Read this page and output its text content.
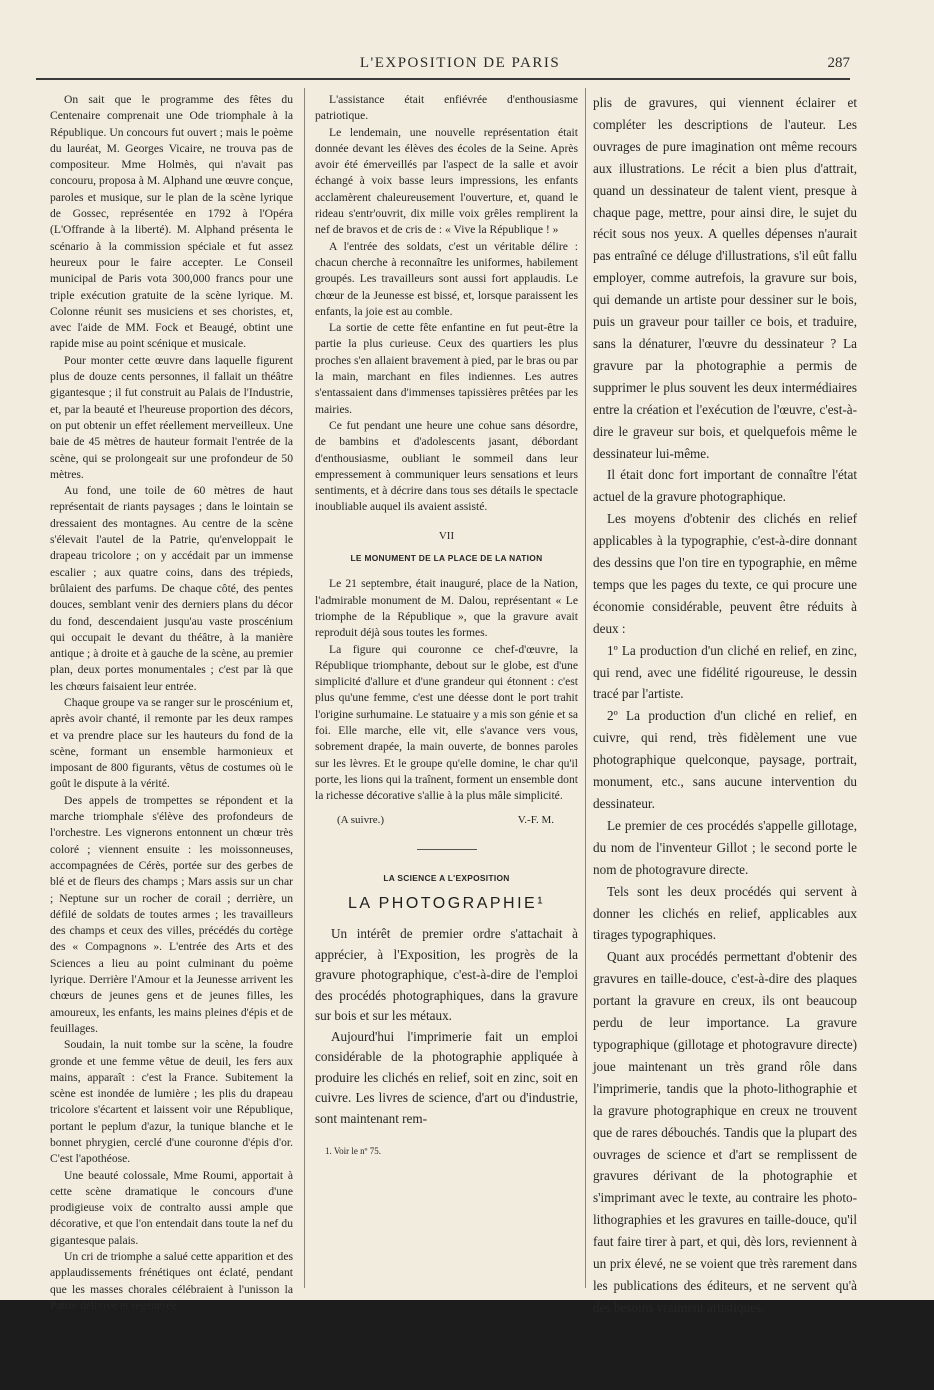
L'EXPOSITION DE PARIS	287

On sait que le programme des fêtes du Centenaire comprenait une Ode triomphale à la République. Un concours fut ouvert ; mais le poème du lauréat, M. Georges Vicaire, ne trouva pas de compositeur. Mme Holmès, qui n'avait pas concouru, proposa à M. Alphand une œuvre conçue, paroles et musique, sur le plan de la scène lyrique de Gossec, représentée en 1792 à l'Opéra (L'Offrande à la liberté). M. Alphand présenta le scénario à la commission spéciale et fut assez heureux pour le faire accepter. Le Conseil municipal de Paris vota 300,000 francs pour une triple exécution gratuite de la scène lyrique. M. Colonne réunit ses musiciens et ses choristes, et, avec l'aide de MM. Fock et Beaugé, obtint une rapide mise au point scénique et musicale.

Pour monter cette œuvre dans laquelle figurent plus de douze cents personnes, il fallait un théâtre gigantesque ; il fut construit au Palais de l'Industrie, et, par la beauté et l'heureuse proportion des décors, on put obtenir un effet réellement merveilleux. Une baie de 45 mètres de hauteur formait l'entrée de la scène, qui se prolongeait sur une profondeur de 50 mètres.

Au fond, une toile de 60 mètres de haut représentait de riants paysages ; dans le lointain se dressaient des montagnes. Au centre de la scène s'élevait l'autel de la Patrie, qu'enveloppait le drapeau tricolore ; on y accédait par un immense escalier ; aux quatre coins, dans des trépieds, brûlaient des parfums. De chaque côté, des pentes douces, semblant venir des derniers plans du décor du fond, descendaient jusqu'au vaste proscénium qui occupait le devant du théâtre, à la manière antique ; à droite et à gauche de la scène, au premier plan, deux portes monumentales ; c'est par là que les chœurs faisaient leur entrée.

Chaque groupe va se ranger sur le proscénium et, après avoir chanté, il remonte par les deux rampes et va prendre place sur les hauteurs du fond de la scène, formant un ensemble harmonieux et imposant de 800 figurants, vêtus de costumes où le goût le dispute à la vérité.

Des appels de trompettes se répondent et la marche triomphale s'élève des profondeurs de l'orchestre. Les vignerons entonnent un chœur très coloré ; viennent ensuite : les moissonneuses, accompagnées de Cérès, portée sur des gerbes de blé et de fleurs des champs ; Mars assis sur un char ; Neptune sur un rocher de corail ; derrière, un défilé de soldats de toutes armes ; les travailleurs des champs et ceux des villes, précédés du cortège des « Compagnons ». L'entrée des Arts et des Sciences a lieu au point culminant du poème lyrique. Derrière l'Amour et la Jeunesse arrivent les chœurs de jeunes gens et de jeunes filles, les amoureux, les enfants, les mains pleines d'épis et de feuillages.

Soudain, la nuit tombe sur la scène, la foudre gronde et une femme vêtue de deuil, les fers aux mains, apparaît : c'est la France. Subitement la scène est inondée de lumière ; les plis du drapeau tricolore s'écartent et laissent voir une République, portant le peplum d'azur, la tunique blanche et le bonnet phrygien, cerclé d'une couronne d'épis d'or. C'est l'apothéose.

Une beauté colossale, Mme Roumi, apportait à cette scène dramatique le concours d'une prodigieuse voix de contralto aussi ample que décorative, et que l'on entendait dans toute la nef du gigantesque palais.

Un cri de triomphe a salué cette apparition et des applaudissements frénétiques ont éclaté, pendant que les masses chorales célébraient à l'unisson la Patrie délivrée et régénérée.

L'assistance était enfiévrée d'enthousiasme patriotique.

Le lendemain, une nouvelle représentation était donnée devant les élèves des écoles de la Seine. Après avoir été émerveillés par l'aspect de la salle et avoir échangé à voix basse leurs impressions, les enfants acclamèrent chaleureusement l'ouverture, et, quand le rideau s'entr'ouvrit, dix mille voix grêles remplirent la nef de bravos et de cris de : « Vive la République ! »

A l'entrée des soldats, c'est un véritable délire : chacun cherche à reconnaître les uniformes, habilement groupés. Les travailleurs sont aussi fort applaudis. Le chœur de la Jeunesse est bissé, et, lorsque paraissent les enfants, la joie est au comble.

La sortie de cette fête enfantine en fut peut-être la partie la plus curieuse. Ceux des quartiers les plus proches s'en allaient bravement à pied, par le bras ou par la main, marchant en files indiennes. Les autres s'entassaient dans d'immenses tapissières prêtées par les mairies.

Ce fut pendant une heure une cohue sans désordre, de bambins et d'adolescents jasant, débordant d'enthousiasme, oubliant le sommeil dans leur empressement à communiquer leurs sensations et leurs sentiments, et à décrire dans tous ses détails le spectacle inoubliable auquel ils avaient assisté.

VII
LE MONUMENT DE LA PLACE DE LA NATION

Le 21 septembre, était inauguré, place de la Nation, l'admirable monument de M. Dalou, représentant « Le triomphe de la République », que la gravure avait reproduit déjà sous toutes les formes.

La figure qui couronne ce chef-d'œuvre, la République triomphante, debout sur le globe, est d'une simplicité d'allure et d'une grandeur qui étonnent : c'est plus qu'une femme, c'est une déesse dont le port trahit l'origine surhumaine. Le statuaire y a mis son génie et sa foi. Elle marche, elle vit, elle s'avance vers vous, sobrement drapée, la main ouverte, de bonnes paroles sur les lèvres. Et le groupe qu'elle domine, le char qu'il porte, les lions qui la traînent, forment un ensemble dont la richesse décorative s'allie à la plus mâle simplicité.

(A suivre.)	V.-F. M.
LA SCIENCE A L'EXPOSITION
LA PHOTOGRAPHIE¹

Un intérêt de premier ordre s'attachait à apprécier, à l'Exposition, les progrès de la gravure photographique, c'est-à-dire de l'emploi des procédés photographiques, dans la gravure sur bois et sur les métaux.

Aujourd'hui l'imprimerie fait un emploi considérable de la photographie appliquée à produire les clichés en relief, soit en zinc, soit en cuivre. Les livres de science, d'art ou d'industrie, sont maintenant rem-

1. Voir le nº 75.

plis de gravures, qui viennent éclairer et compléter les descriptions de l'auteur. Les ouvrages de pure imagination ont même recours aux illustrations. Le récit a bien plus d'attrait, quand un dessinateur de talent vient, presque à chaque page, mettre, pour ainsi dire, le sujet du récit sous nos yeux. A quelles dépenses n'aurait pas entraîné ce déluge d'illustrations, s'il eût fallu employer, comme autrefois, la gravure sur bois, qui demande un artiste pour dessiner sur le bois, puis un graveur pour tailler ce bois, et traduire, sans la dénaturer, l'œuvre du dessinateur ? La gravure par la photographie a permis de supprimer le plus souvent les deux intermédiaires entre la création et l'exécution de l'œuvre, c'est-à-dire le graveur sur bois, et quelquefois même le dessinateur lui-même.

Il était donc fort important de connaître l'état actuel de la gravure photographique.

Les moyens d'obtenir des clichés en relief applicables à la typographie, c'est-à-dire donnant des dessins que l'on tire en typographie, en même temps que les pages du texte, ce qui procure une économie considérable, peuvent être réduits à deux :

1º La production d'un cliché en relief, en zinc, qui rend, avec une fidélité rigoureuse, le dessin tracé par l'artiste.

2º La production d'un cliché en relief, en cuivre, qui rend, très fidèlement une vue photographique quelconque, paysage, portrait, monument, etc., sans aucune intervention du dessinateur.

Le premier de ces procédés s'appelle gillotage, du nom de l'inventeur Gillot ; le second porte le nom de photogravure directe.

Tels sont les deux procédés qui servent à donner les clichés en relief, applicables aux tirages typographiques.

Quant aux procédés permettant d'obtenir des gravures en taille-douce, c'est-à-dire des plaques portant la gravure en creux, ils ont beaucoup perdu de leur importance. La gravure typographique (gillotage et photogravure directe) joue maintenant un très grand rôle dans l'imprimerie, tandis que la photo-lithographie et la gravure photographique en creux ne trouvent que de rares débouchés. Tandis que la plupart des ouvrages de science et d'art se remplissent de gravures dérivant de la photographie et s'imprimant avec le texte, au contraire les photo-lithographies et les gravures en taille-douce, qu'il faut faire tirer à part, et qui, dès lors, reviennent à un prix élevé, ne se voient que très rarement dans les publications des éditeurs, et ne servent qu'à des besoins vraiment artistiques.
